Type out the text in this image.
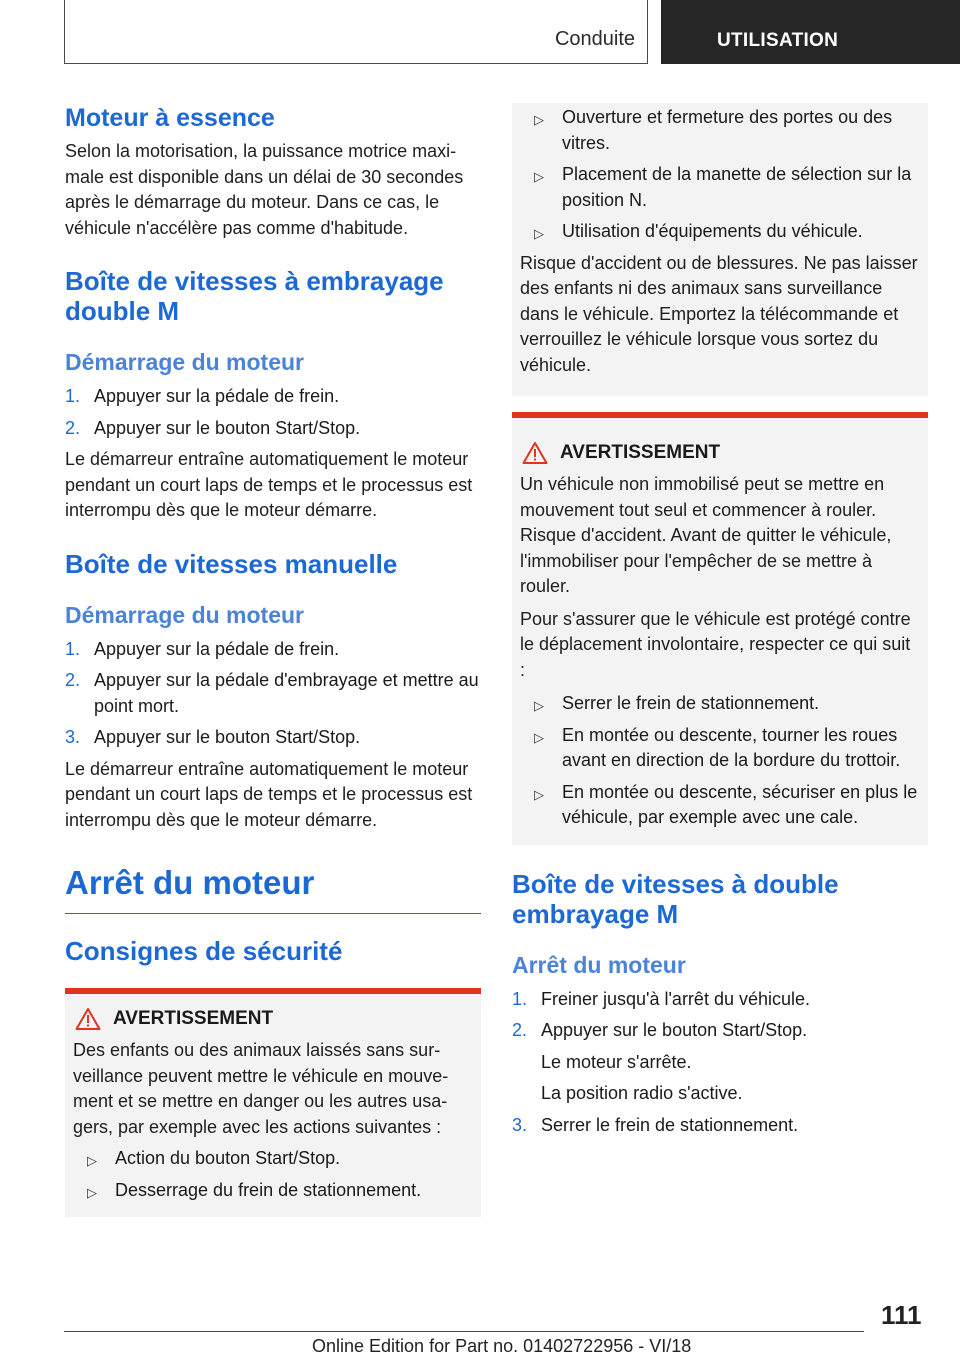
Conduite	UTILISATION
Moteur à essence

Selon la motorisation, la puissance motrice maximale est disponible dans un délai de 30 secondes après le démarrage du moteur. Dans ce cas, le véhicule n'accélère pas comme d'habitude.

Boîte de vitesses à embrayage double M
Démarrage du moteur
1. Appuyer sur la pédale de frein.
2. Appuyer sur le bouton Start/Stop.

Le démarreur entraîne automatiquement le moteur pendant un court laps de temps et le processus est interrompu dès que le moteur démarre.

Boîte de vitesses manuelle
Démarrage du moteur
1. Appuyer sur la pédale de frein.
2. Appuyer sur la pédale d'embrayage et mettre au point mort.
3. Appuyer sur le bouton Start/Stop.

Le démarreur entraîne automatiquement le moteur pendant un court laps de temps et le processus est interrompu dès que le moteur démarre.

Arrêt du moteur
Consignes de sécurité
AVERTISSEMENT

Des enfants ou des animaux laissés sans surveillance peuvent mettre le véhicule en mouvement et se mettre en danger ou les autres usagers, par exemple avec les actions suivantes :

▷ Action du bouton Start/Stop.
▷ Desserrage du frein de stationnement.
▷ Ouverture et fermeture des portes ou des vitres.
▷ Placement de la manette de sélection sur la position N.
▷ Utilisation d'équipements du véhicule.

Risque d'accident ou de blessures. Ne pas laisser des enfants ni des animaux sans surveillance dans le véhicule. Emportez la télécommande et verrouillez le véhicule lorsque vous sortez du véhicule.

AVERTISSEMENT

Un véhicule non immobilisé peut se mettre en mouvement tout seul et commencer à rouler. Risque d'accident. Avant de quitter le véhicule, l'immobiliser pour l'empêcher de se mettre à rouler.

Pour s'assurer que le véhicule est protégé contre le déplacement involontaire, respecter ce qui suit :

▷ Serrer le frein de stationnement.
▷ En montée ou descente, tourner les roues avant en direction de la bordure du trottoir.
▷ En montée ou descente, sécuriser en plus le véhicule, par exemple avec une cale.
Boîte de vitesses à double embrayage M
Arrêt du moteur
1. Freiner jusqu'à l'arrêt du véhicule.
2. Appuyer sur le bouton Start/Stop.
Le moteur s'arrête.
La position radio s'active.
3. Serrer le frein de stationnement.
111
Online Edition for Part no. 01402722956 - VI/18
